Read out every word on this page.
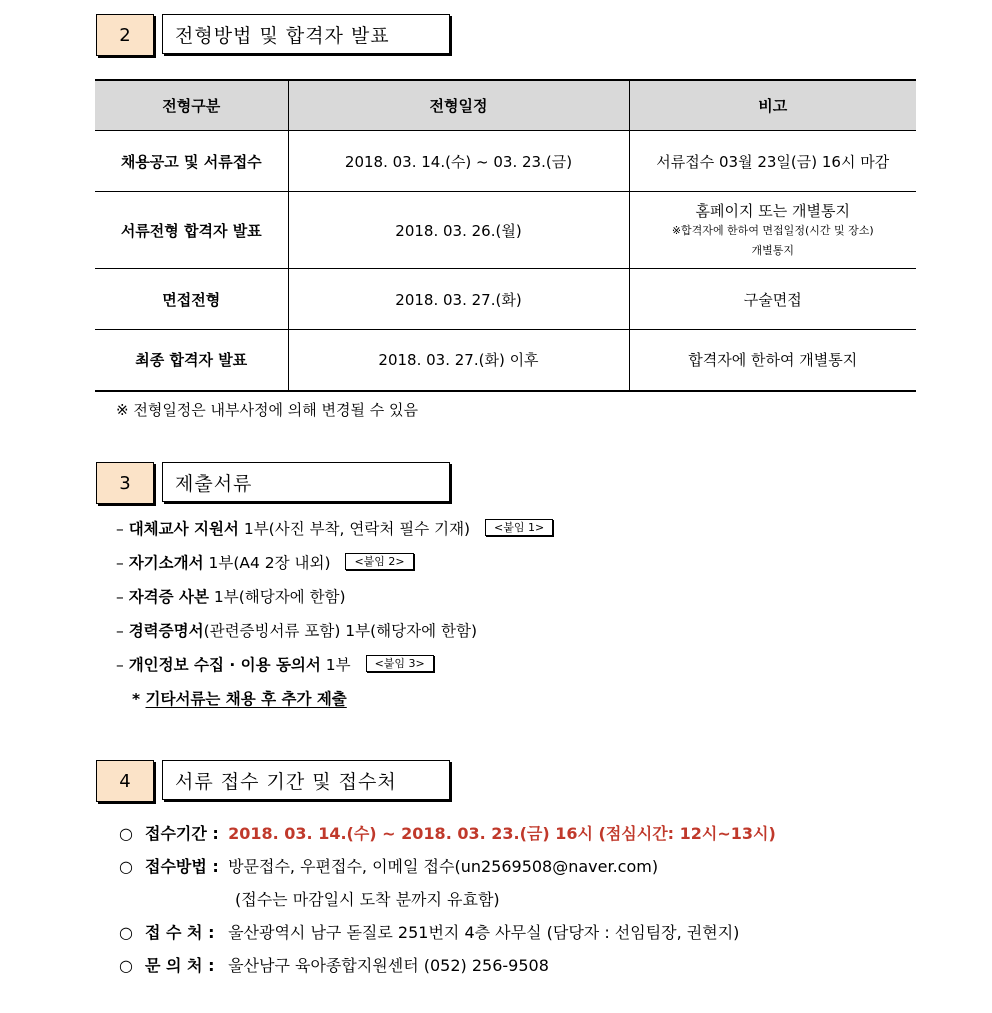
2	전형방법 및 합격자 발표
전형구분	전형일정	비고
채용공고 및 서류접수	2018. 03. 14.(수) ~ 03. 23.(금)	서류접수 03월 23일(금) 16시 마감
서류전형 합격자 발표	2018. 03. 26.(월)	홈페이지 또는 개별통지
※합격자에 한하여 면접일정(시간 및 장소)
개별통지

면접전형	2018. 03. 27.(화)	구술면접
최종 합격자 발표	2018. 03. 27.(화) 이후	합격자에 한하여 개별통지
※ 전형일정은 내부사정에 의해 변경될 수 있음
3	제출서류
– 대체교사 지원서 1부(사진 부착, 연락처 필수 기재) <붙임 1>
– 자기소개서 1부(A4 2장 내외) <붙임 2>
– 자격증 사본 1부(해당자에 한함)
– 경력증명서(관련증빙서류 포함) 1부(해당자에 한함)
– 개인정보 수집 · 이용 동의서 1부 <붙임 3>
* 기타서류는 채용 후 추가 제출
4	서류 접수 기간 및 접수처
○ 접수기간 : 2018. 03. 14.(수) ~ 2018. 03. 23.(금) 16시 (점심시간: 12시~13시)
○ 접수방법 : 방문접수, 우편접수, 이메일 접수(un2569508@naver.com)
(접수는 마감일시 도착 분까지 유효함)
○ 접 수 처 : 울산광역시 남구 돋질로 251번지 4층 사무실 (담당자 : 선임팀장, 권현지)
○ 문 의 처 : 울산남구 육아종합지원센터 (052) 256-9508
